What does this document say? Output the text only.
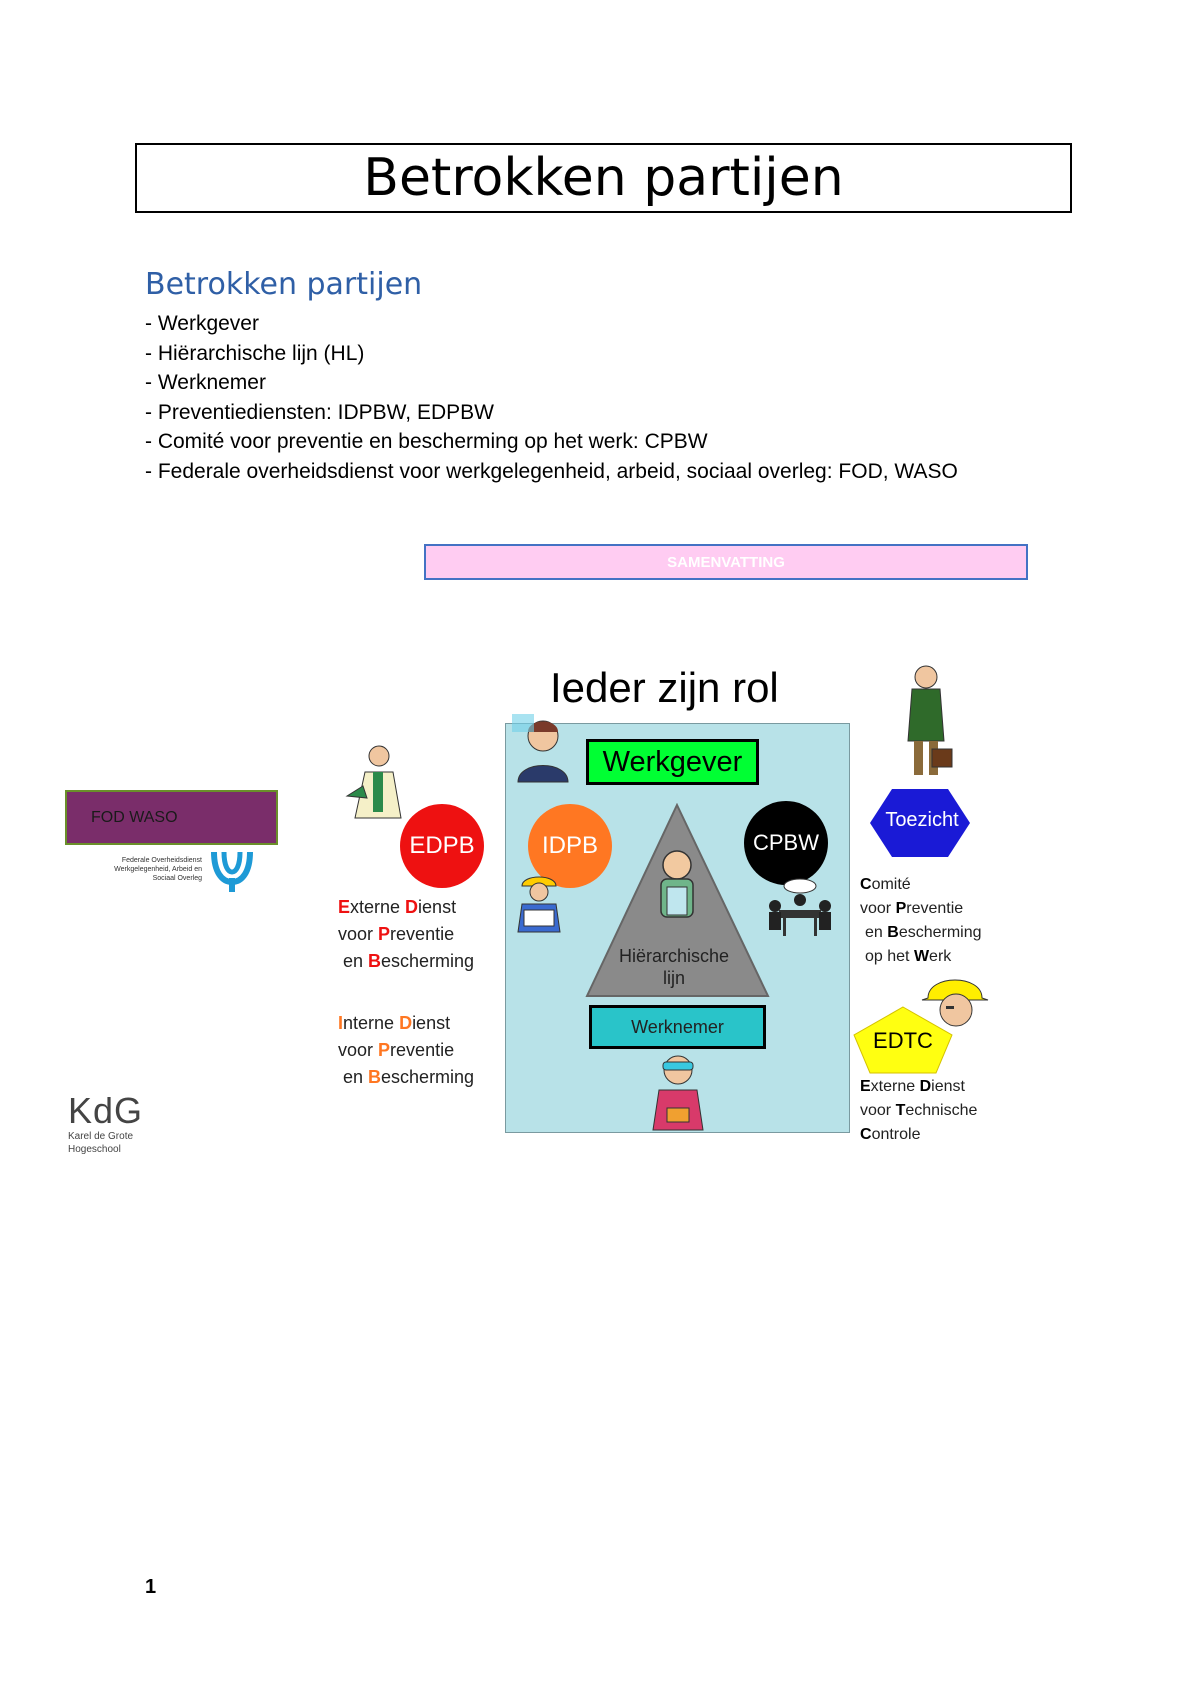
Betrokken partijen
Betrokken partijen
- Werkgever
- Hiërarchische lijn (HL)
- Werknemer
- Preventiediensten: IDPBW, EDPBW
- Comité voor preventie en bescherming op het werk: CPBW
- Federale overheidsdienst voor werkgelegenheid, arbeid, sociaal overleg: FOD, WASO
SAMENVATTING
FOD WASO
Federale Overheidsdienst Werkgelegenheid, Arbeid en Sociaal Overleg
KdG
Karel de Grote
Hogeschool
Ieder zijn rol
Hiërarchische
lijn
Werkgever
Werknemer
EDPB	IDPB	CPBW
Toezicht
EDTC
Externe Dienst
voor Preventie
en Bescherming
Interne Dienst
voor Preventie
en Bescherming
Comité
voor Preventie
en Bescherming
op het Werk
Externe Dienst
voor Technische
Controle
1
